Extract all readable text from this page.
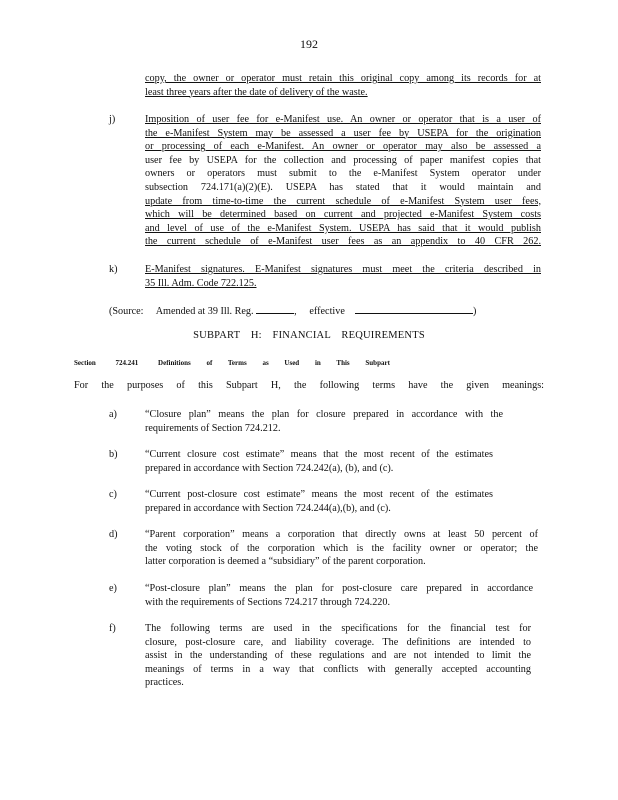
192
copy, the owner or operator must retain this original copy among its records for at
least three years after the date of delivery of the waste.
j)	Imposition of user fee for e-Manifest use. An owner or operator that is a user of
the e-Manifest System may be assessed a user fee by USEPA for the origination
or processing of each e-Manifest. An owner or operator may also be assessed a
user fee by USEPA for the collection and processing of paper manifest copies that
owners or operators must submit to the e-Manifest System operator under
subsection 724.171(a)(2)(E). USEPA has stated that it would maintain and
update from time-to-time the current schedule of e-Manifest System user fees,
which will be determined based on current and projected e-Manifest System costs
and level of use of the e-Manifest System. USEPA has said that it would publish
the current schedule of e-Manifest user fees as an appendix to 40 CFR 262.
k)	E-Manifest signatures. E-Manifest signatures must meet the criteria described in
35 Ill. Adm. Code 722.125.
(Source: Amended at 39 Ill. Reg.	,     effective	)
SUBPART H: FINANCIAL REQUIREMENTS
Section	724.241	Definitions of Terms as Used in This Subpart
For the purposes of this Subpart H, the following terms have the given meanings:
a)	“Closure plan” means the plan for closure prepared in accordance with the
requirements of Section 724.212.
b)	“Current closure cost estimate” means that the most recent of the estimates
prepared in accordance with Section 724.242(a), (b), and (c).
c)	“Current post-closure cost estimate” means the most recent of the estimates
prepared in accordance with Section 724.244(a),(b), and (c).
d)	“Parent corporation” means a corporation that directly owns at least 50 percent of
the voting stock of the corporation which is the facility owner or operator; the
latter corporation is deemed a “subsidiary” of the parent corporation.
e)	“Post-closure plan” means the plan for post-closure care prepared in accordance
with the requirements of Sections 724.217 through 724.220.
f)	The following terms are used in the specifications for the financial test for
closure, post-closure care, and liability coverage. The definitions are intended to
assist in the understanding of these regulations and are not intended to limit the
meanings of terms in a way that conflicts with generally accepted accounting
practices.
